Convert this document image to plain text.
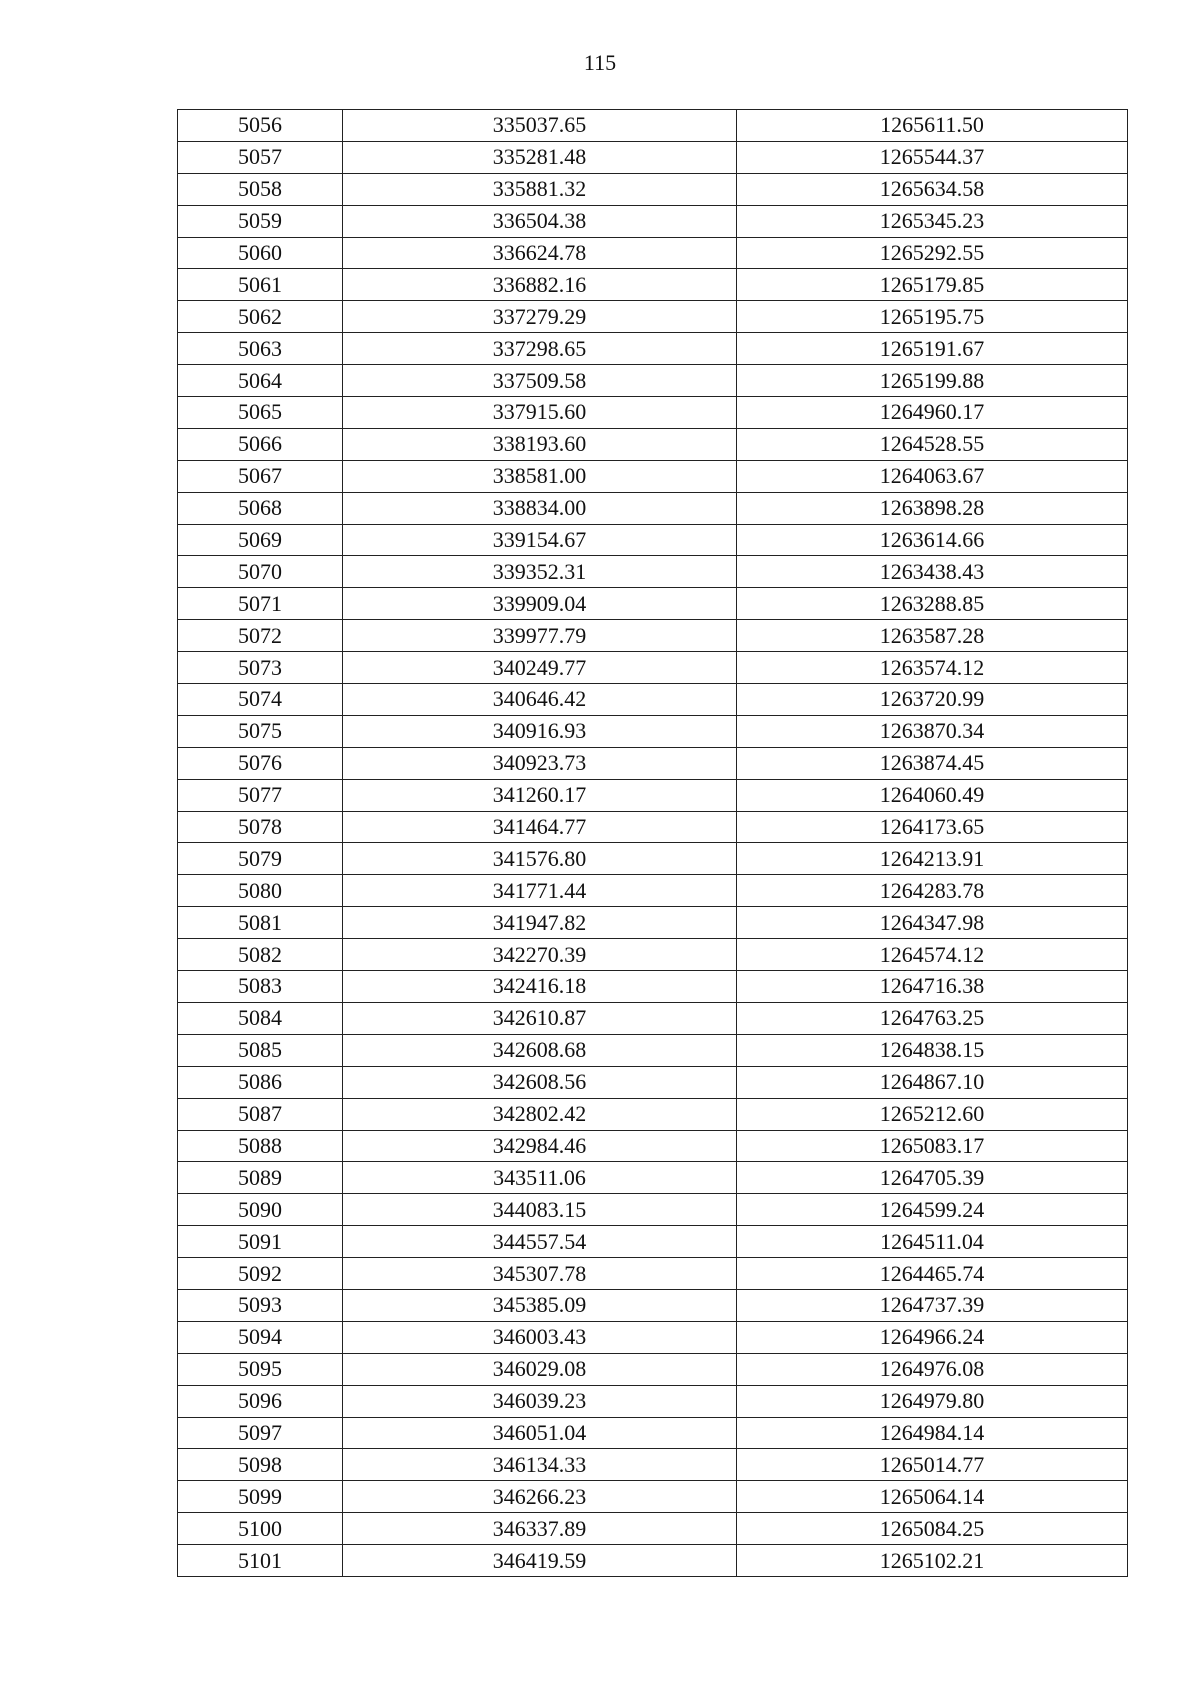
115
5056	335037.65	1265611.50
5057	335281.48	1265544.37
5058	335881.32	1265634.58
5059	336504.38	1265345.23
5060	336624.78	1265292.55
5061	336882.16	1265179.85
5062	337279.29	1265195.75
5063	337298.65	1265191.67
5064	337509.58	1265199.88
5065	337915.60	1264960.17
5066	338193.60	1264528.55
5067	338581.00	1264063.67
5068	338834.00	1263898.28
5069	339154.67	1263614.66
5070	339352.31	1263438.43
5071	339909.04	1263288.85
5072	339977.79	1263587.28
5073	340249.77	1263574.12
5074	340646.42	1263720.99
5075	340916.93	1263870.34
5076	340923.73	1263874.45
5077	341260.17	1264060.49
5078	341464.77	1264173.65
5079	341576.80	1264213.91
5080	341771.44	1264283.78
5081	341947.82	1264347.98
5082	342270.39	1264574.12
5083	342416.18	1264716.38
5084	342610.87	1264763.25
5085	342608.68	1264838.15
5086	342608.56	1264867.10
5087	342802.42	1265212.60
5088	342984.46	1265083.17
5089	343511.06	1264705.39
5090	344083.15	1264599.24
5091	344557.54	1264511.04
5092	345307.78	1264465.74
5093	345385.09	1264737.39
5094	346003.43	1264966.24
5095	346029.08	1264976.08
5096	346039.23	1264979.80
5097	346051.04	1264984.14
5098	346134.33	1265014.77
5099	346266.23	1265064.14
5100	346337.89	1265084.25
5101	346419.59	1265102.21
